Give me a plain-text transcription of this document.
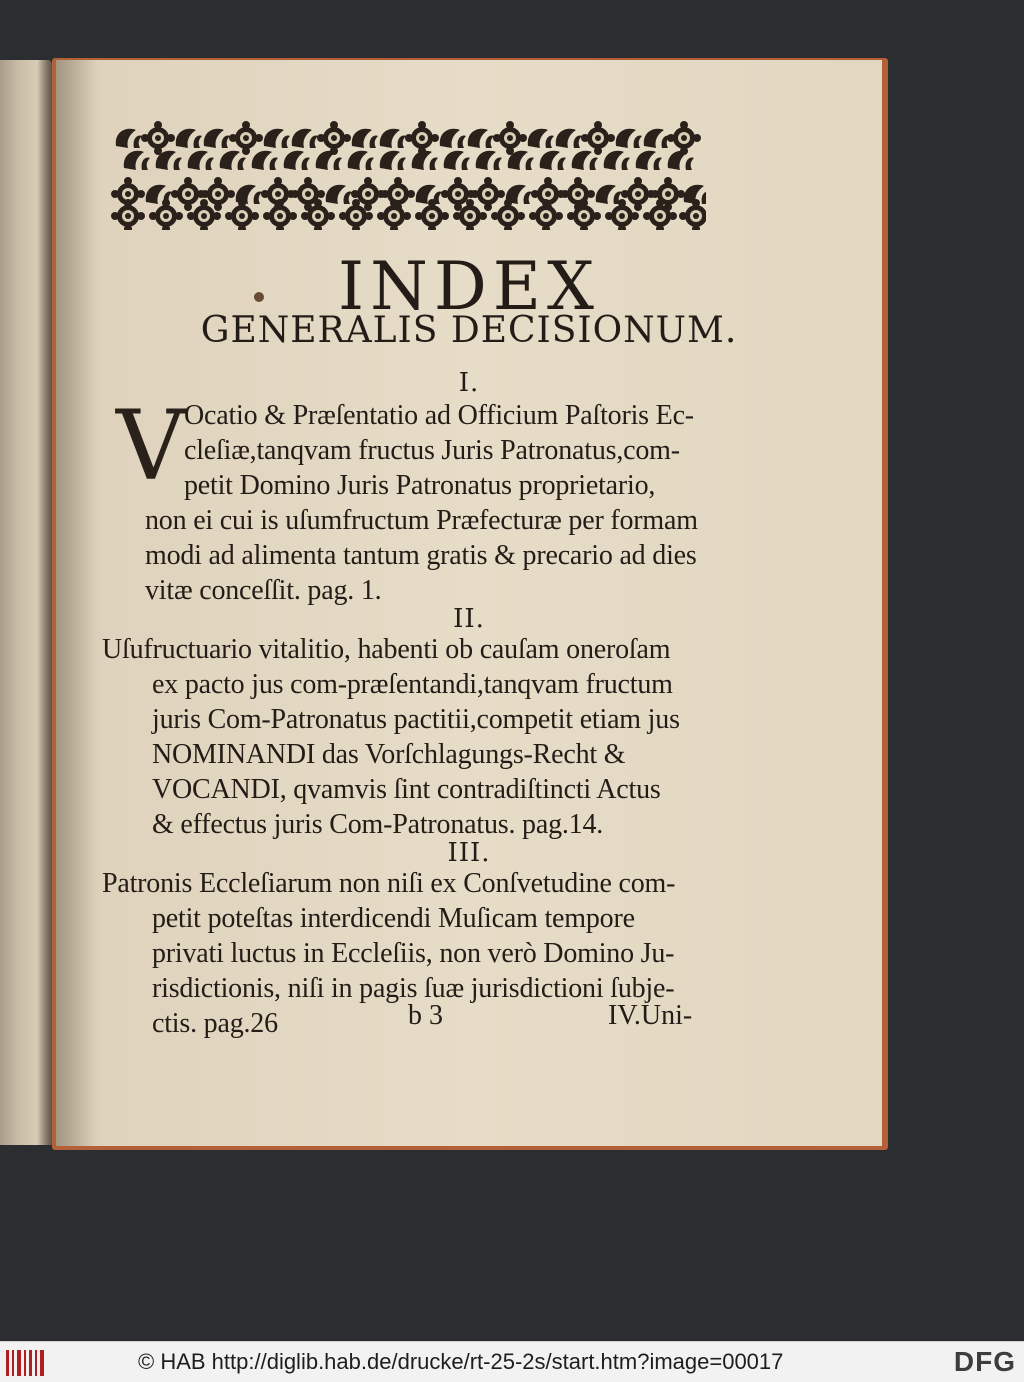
INDEX
GENERALIS DECISIONUM.
I.
V
Ocatio & Præſentatio ad Officium Paſtoris Ec-
cleſiæ,tanqvam fructus Juris Patronatus,com-
petit Domino Juris Patronatus proprietario,
non ei cui is uſumfructum Præfecturæ per formam
modi ad alimenta tantum gratis & precario ad dies
vitæ conceſſit. pag. 1.
II.
Uſufructuario vitalitio, habenti ob cauſam oneroſam
ex pacto jus com-præſentandi,tanqvam fructum
juris Com-Patronatus pactitii,competit etiam jus
NOMINANDI das Vorſchlagungs-Recht &
VOCANDI, qvamvis ſint contradiſtincti Actus
& effectus juris Com-Patronatus. pag.14.
III.
Patronis Eccleſiarum non niſi ex Conſvetudine com-
petit poteſtas interdicendi Muſicam tempore
privati luctus in Eccleſiis, non verò Domino Ju-
risdictionis, niſi in pagis ſuæ jurisdictioni ſubje-
ctis. pag.26	b 3	IV.Uni-
© HAB http://diglib.hab.de/drucke/rt-25-2s/start.htm?image=00017	DFG
